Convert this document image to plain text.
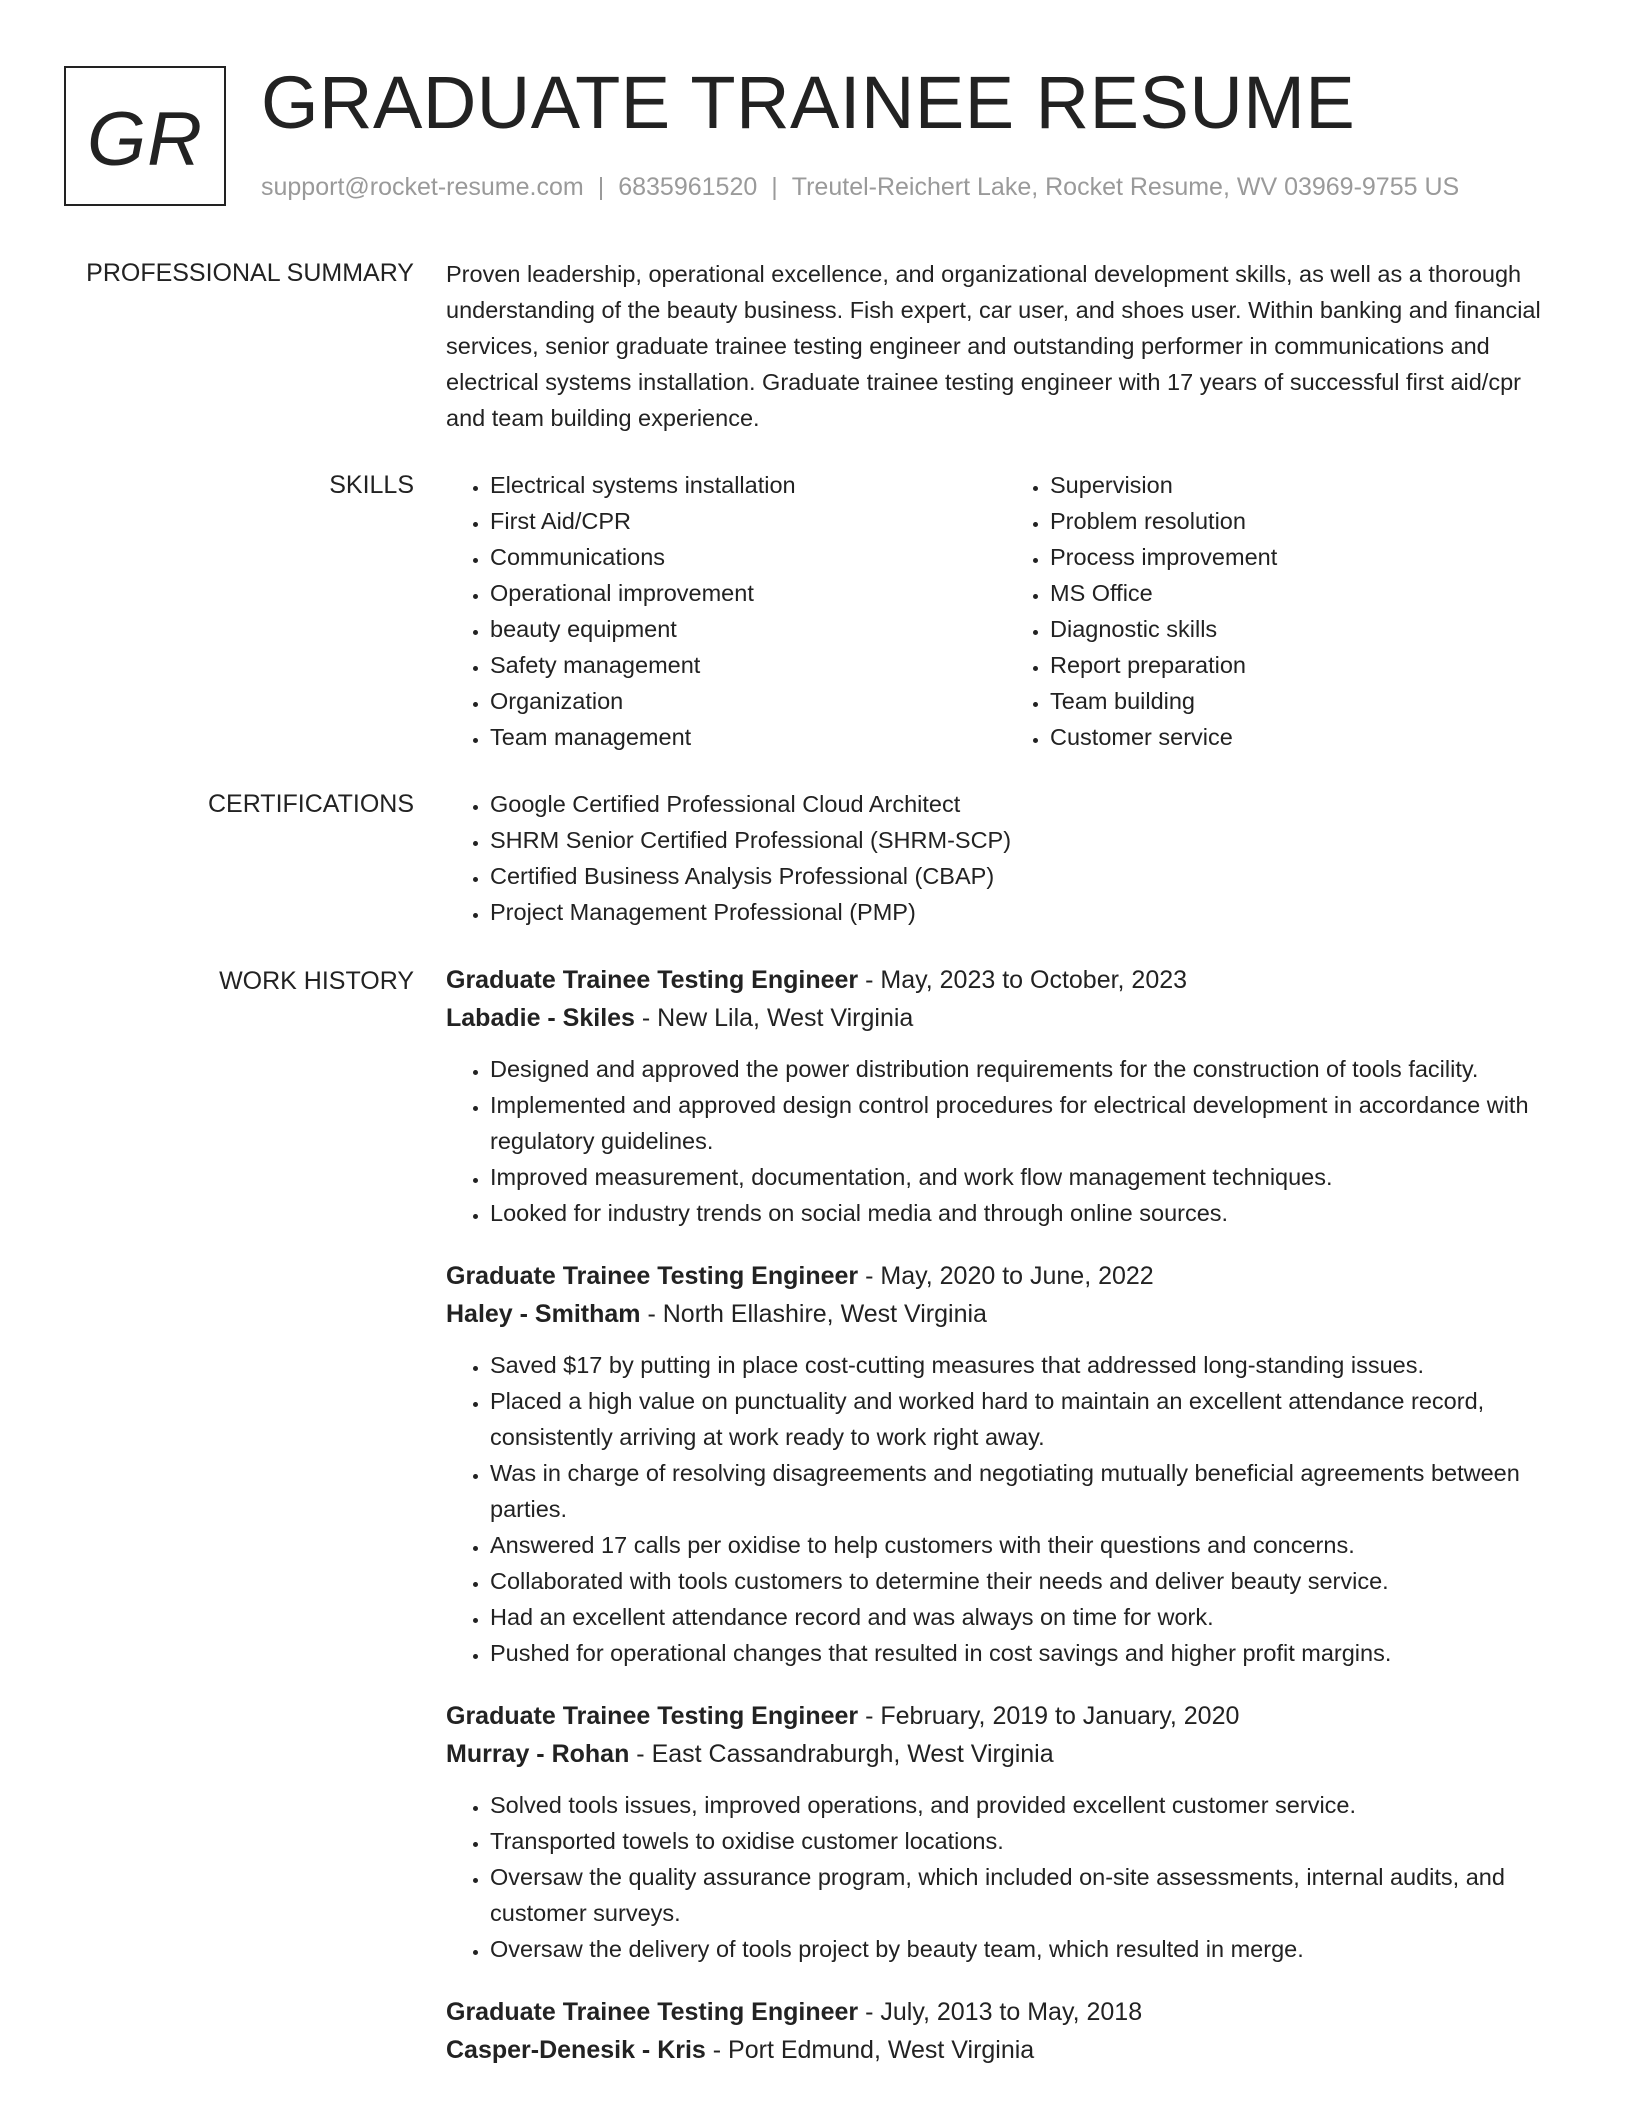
GR GRADUATE TRAINEE RESUME
support@rocket-resume.com | 6835961520 | Treutel-Reichert Lake, Rocket Resume, WV 03969-9755 US
PROFESSIONAL SUMMARY Proven leadership, operational excellence, and organizational development skills, as well as a thorough understanding of the beauty business. Fish expert, car user, and shoes user. Within banking and financial services, senior graduate trainee testing engineer and outstanding performer in communications and electrical systems installation. Graduate trainee testing engineer with 17 years of successful first aid/cpr and team building experience.

SKILLS	• Electrical systems installation
• First Aid/CPR
• Communications
• Operational improvement
• beauty equipment
• Safety management
• Organization
• Team management
• Supervision
• Problem resolution
• Process improvement
• MS Office
• Diagnostic skills
• Report preparation
• Team building
• Customer service
CERTIFICATIONS	• Google Certified Professional Cloud Architect
• SHRM Senior Certified Professional (SHRM-SCP)
• Certified Business Analysis Professional (CBAP)
• Project Management Professional (PMP)
WORK HISTORY Graduate Trainee Testing Engineer - May, 2023 to October, 2023
Labadie - Skiles - New Lila, West Virginia
• Designed and approved the power distribution requirements for the construction of tools facility.
• Implemented and approved design control procedures for electrical development in accordance with regulatory guidelines.
• Improved measurement, documentation, and work flow management techniques.
• Looked for industry trends on social media and through online sources.
Graduate Trainee Testing Engineer - May, 2020 to June, 2022
Haley - Smitham - North Ellashire, West Virginia
• Saved $17 by putting in place cost-cutting measures that addressed long-standing issues.
• Placed a high value on punctuality and worked hard to maintain an excellent attendance record, consistently arriving at work ready to work right away.
• Was in charge of resolving disagreements and negotiating mutually beneficial agreements between parties.
• Answered 17 calls per oxidise to help customers with their questions and concerns.
• Collaborated with tools customers to determine their needs and deliver beauty service.
• Had an excellent attendance record and was always on time for work.
• Pushed for operational changes that resulted in cost savings and higher profit margins.
Graduate Trainee Testing Engineer - February, 2019 to January, 2020
Murray - Rohan - East Cassandraburgh, West Virginia
• Solved tools issues, improved operations, and provided excellent customer service.
• Transported towels to oxidise customer locations.
• Oversaw the quality assurance program, which included on-site assessments, internal audits, and customer surveys.
• Oversaw the delivery of tools project by beauty team, which resulted in merge.
Graduate Trainee Testing Engineer - July, 2013 to May, 2018
Casper-Denesik - Kris - Port Edmund, West Virginia
